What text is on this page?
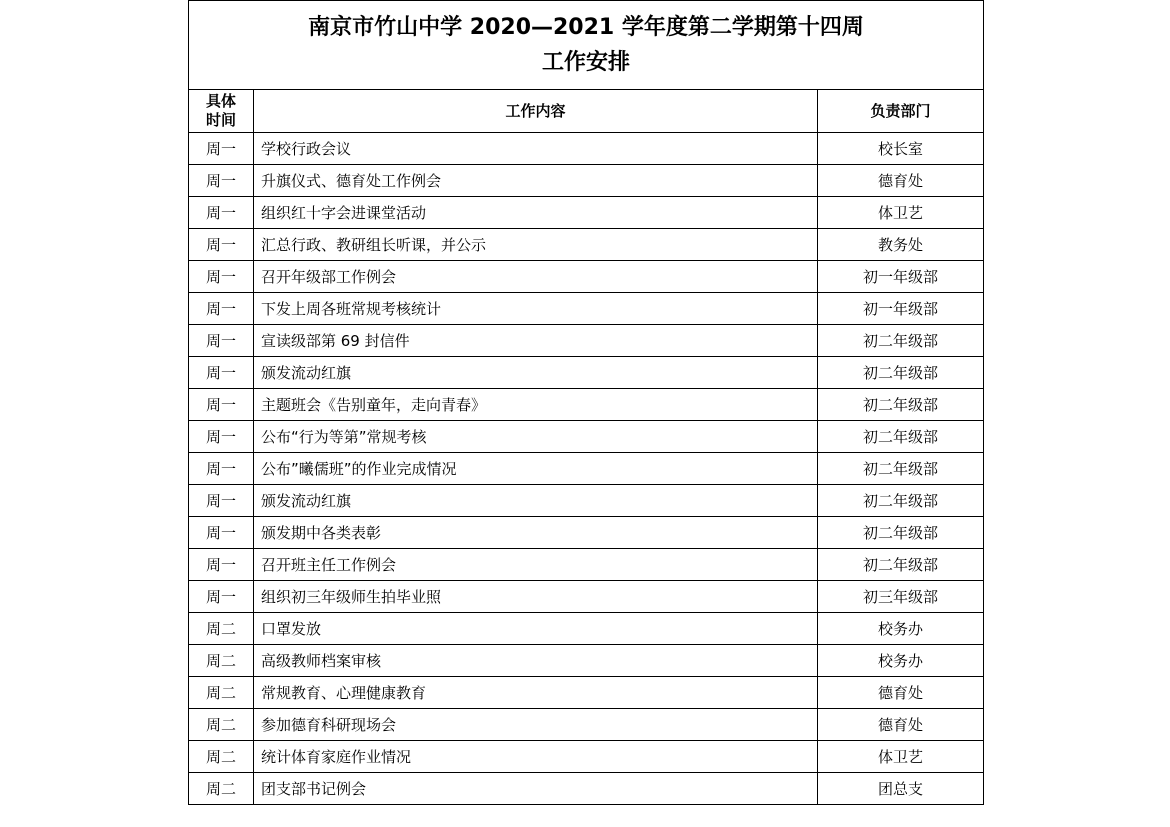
南京市竹山中学 2020—2021 学年度第二学期第十四周
工作安排		

具体
时间	工作内容	负责部门
周一	学校行政会议	校长室
周一	升旗仪式、德育处工作例会	德育处
周一	组织红十字会进课堂活动	体卫艺
周一	汇总行政、教研组长听课，并公示	教务处
周一	召开年级部工作例会	初一年级部
周一	下发上周各班常规考核统计	初一年级部
周一	宣读级部第 69 封信件	初二年级部
周一	颁发流动红旗	初二年级部
周一	主题班会《告别童年，走向青春》	初二年级部
周一	公布“行为等第”常规考核	初二年级部
周一	公布”曦儒班”的作业完成情况	初二年级部
周一	颁发流动红旗	初二年级部
周一	颁发期中各类表彰	初二年级部
周一	召开班主任工作例会	初二年级部
周一	组织初三年级师生拍毕业照	初三年级部
周二	口罩发放	校务办
周二	高级教师档案审核	校务办
周二	常规教育、心理健康教育	德育处
周二	参加德育科研现场会	德育处
周二	统计体育家庭作业情况	体卫艺
周二	团支部书记例会	团总支
